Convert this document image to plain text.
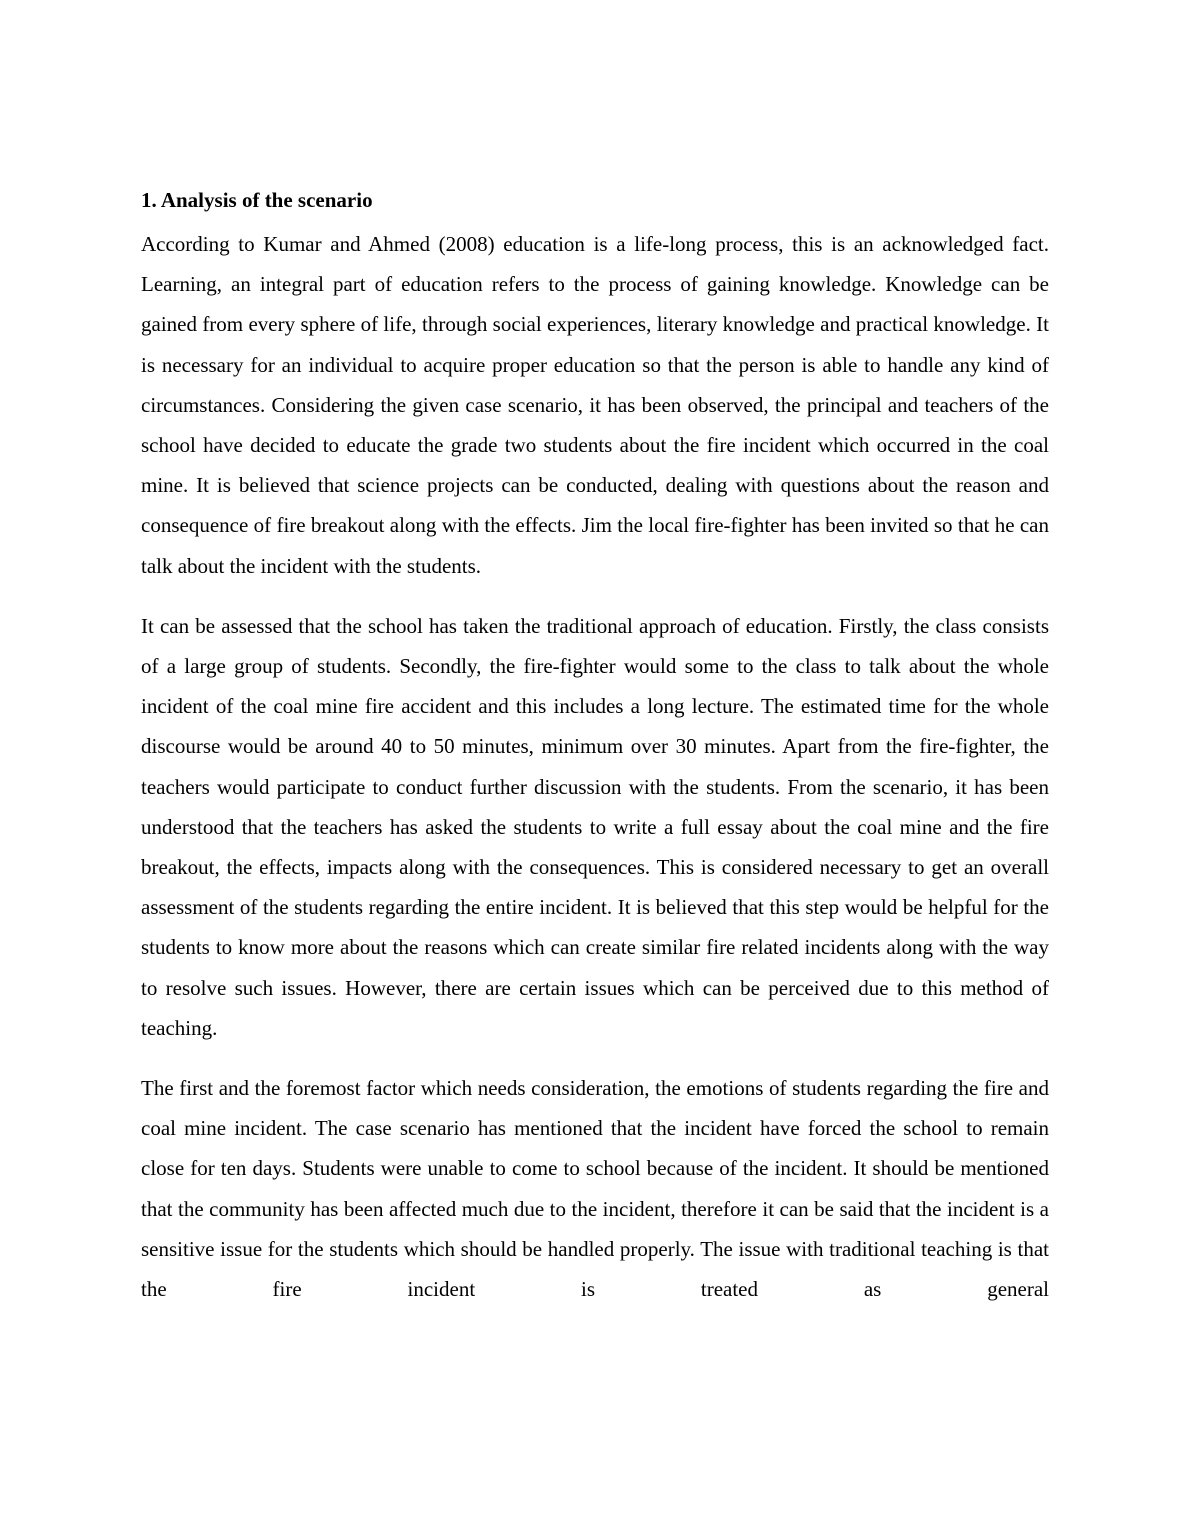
1. Analysis of the scenario

According to Kumar and Ahmed (2008) education is a life-long process, this is an acknowledged fact. Learning, an integral part of education refers to the process of gaining knowledge. Knowledge can be gained from every sphere of life, through social experiences, literary knowledge and practical knowledge. It is necessary for an individual to acquire proper education so that the person is able to handle any kind of circumstances. Considering the given case scenario, it has been observed, the principal and teachers of the school have decided to educate the grade two students about the fire incident which occurred in the coal mine. It is believed that science projects can be conducted, dealing with questions about the reason and consequence of fire breakout along with the effects. Jim the local fire-fighter has been invited so that he can talk about the incident with the students.

It can be assessed that the school has taken the traditional approach of education. Firstly, the class consists of a large group of students. Secondly, the fire-fighter would some to the class to talk about the whole incident of the coal mine fire accident and this includes a long lecture. The estimated time for the whole discourse would be around 40 to 50 minutes, minimum over 30 minutes. Apart from the fire-fighter, the teachers would participate to conduct further discussion with the students. From the scenario, it has been understood that the teachers has asked the students to write a full essay about the coal mine and the fire breakout, the effects, impacts along with the consequences. This is considered necessary to get an overall assessment of the students regarding the entire incident. It is believed that this step would be helpful for the students to know more about the reasons which can create similar fire related incidents along with the way to resolve such issues. However, there are certain issues which can be perceived due to this method of teaching.

The first and the foremost factor which needs consideration, the emotions of students regarding the fire and coal mine incident. The case scenario has mentioned that the incident have forced the school to remain close for ten days. Students were unable to come to school because of the incident. It should be mentioned that the community has been affected much due to the incident, therefore it can be said that the incident is a sensitive issue for the students which should be handled properly. The issue with traditional teaching is that the fire incident is treated as general
